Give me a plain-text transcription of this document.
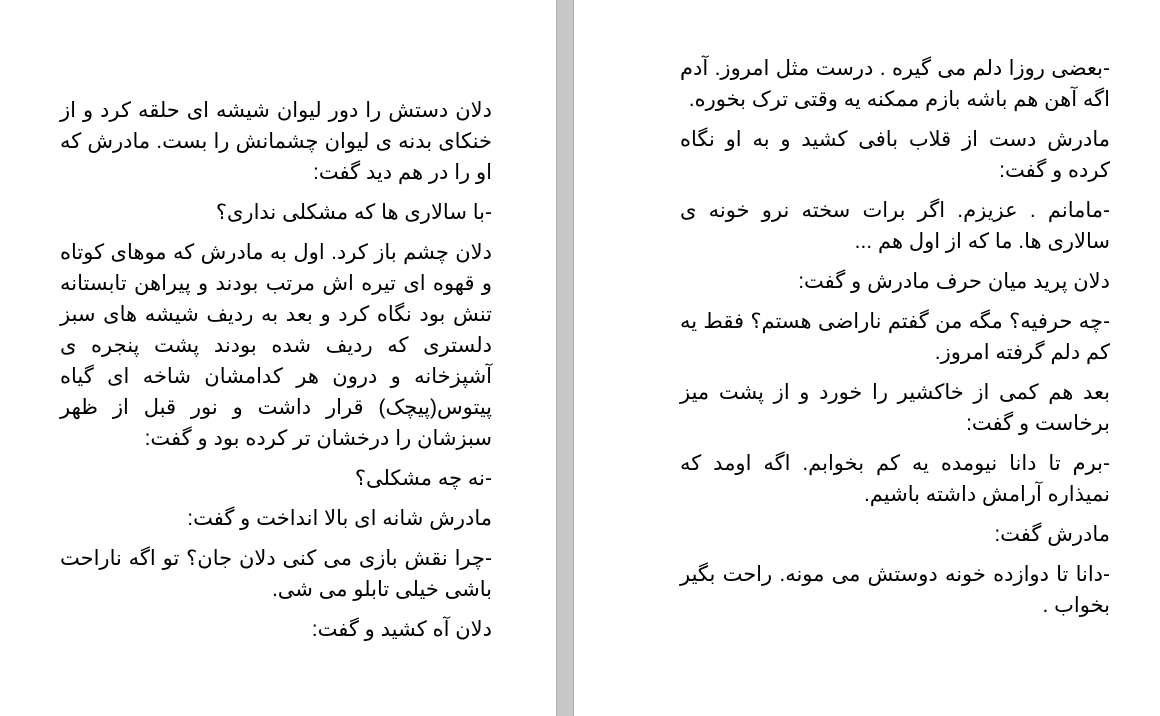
دلان دستش را دور لیوان شیشه ای حلقه کرد و از خنکای بدنه ی لیوان چشمانش را بست. مادرش که او را در هم دید گفت:

-با سالاری ها که مشکلی نداری؟

دلان چشم باز کرد. اول به مادرش که موهای کوتاه و قهوه ای تیره اش مرتب بودند و پیراهن تابستانه تنش بود نگاه کرد و بعد به ردیف شیشه های سبز دلستری که ردیف شده بودند پشت پنجره ی آشپزخانه و درون هر کدامشان شاخه ای گیاه پیتوس(پیچک) قرار داشت و نور قبل از ظهر سبزشان را درخشان تر کرده بود و گفت:

-نه چه مشکلی؟

مادرش شانه ای بالا انداخت و گفت:

-چرا نقش بازی می کنی دلان جان؟ تو اگه ناراحت باشی خیلی تابلو می شی.

دلان آه کشید و گفت:

-بعضی روزا دلم می گیره . درست مثل امروز. آدم اگه آهن هم باشه بازم ممکنه یه وقتی ترک بخوره.

مادرش دست از قلاب بافی کشید و به او نگاه کرده و گفت:

-مامانم . عزیزم. اگر برات سخته نرو خونه ی سالاری ها. ما که از اول هم ...

دلان پرید میان حرف مادرش و گفت:

-چه حرفیه؟ مگه من گفتم ناراضی هستم؟ فقط یه کم دلم گرفته امروز.

بعد هم کمی از خاکشیر را خورد و از پشت میز برخاست و گفت:

-برم تا دانا نیومده یه کم بخوابم. اگه اومد که نمیذاره آرامش داشته باشیم.

مادرش گفت:

-دانا تا دوازده خونه دوستش می مونه. راحت بگیر بخواب .
